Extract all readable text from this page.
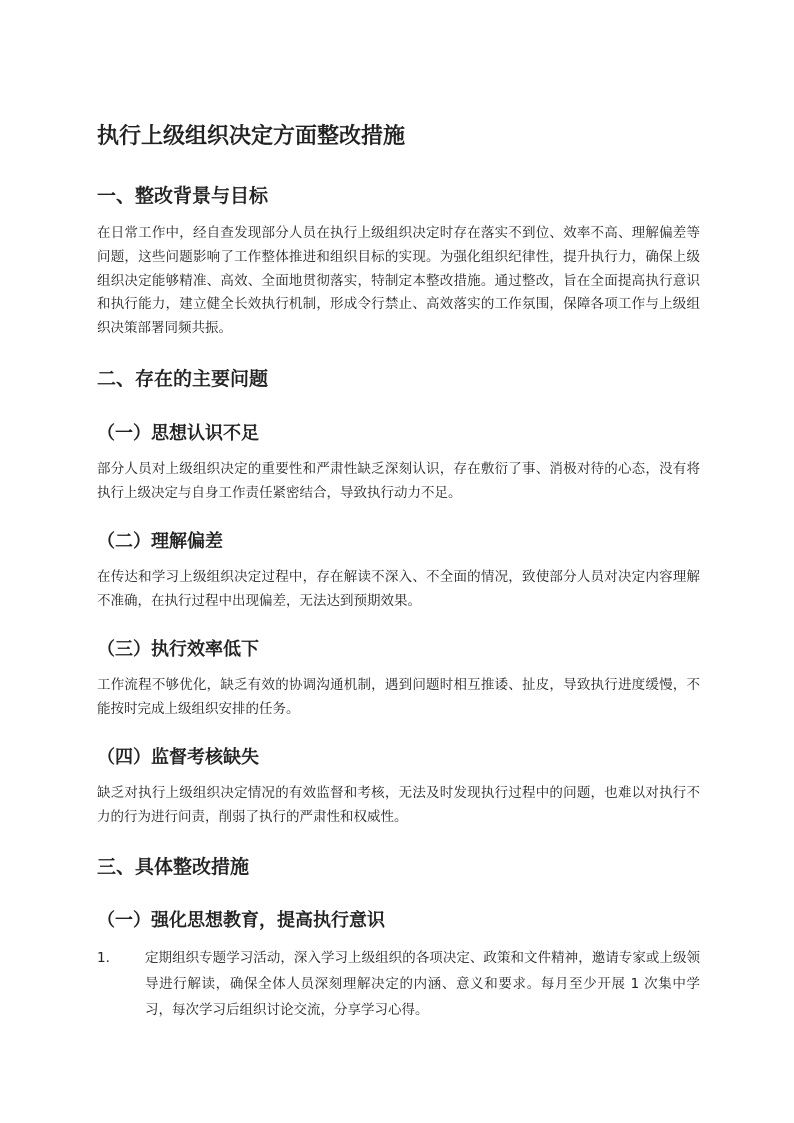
执行上级组织决定方面整改措施
一、整改背景与目标

在日常工作中，经自查发现部分人员在执行上级组织决定时存在落实不到位、效率不高、理解偏差等问题，这些问题影响了工作整体推进和组织目标的实现。为强化组织纪律性，提升执行力，确保上级组织决定能够精准、高效、全面地贯彻落实，特制定本整改措施。通过整改，旨在全面提高执行意识和执行能力，建立健全长效执行机制，形成令行禁止、高效落实的工作氛围，保障各项工作与上级组织决策部署同频共振。

二、存在的主要问题
（一）思想认识不足

部分人员对上级组织决定的重要性和严肃性缺乏深刻认识，存在敷衍了事、消极对待的心态，没有将执行上级决定与自身工作责任紧密结合，导致执行动力不足。

（二）理解偏差

在传达和学习上级组织决定过程中，存在解读不深入、不全面的情况，致使部分人员对决定内容理解不准确，在执行过程中出现偏差，无法达到预期效果。

（三）执行效率低下

工作流程不够优化，缺乏有效的协调沟通机制，遇到问题时相互推诿、扯皮，导致执行进度缓慢，不能按时完成上级组织安排的任务。

（四）监督考核缺失

缺乏对执行上级组织决定情况的有效监督和考核，无法及时发现执行过程中的问题，也难以对执行不力的行为进行问责，削弱了执行的严肃性和权威性。

三、具体整改措施
（一）强化思想教育，提高执行意识
1.	定期组织专题学习活动，深入学习上级组织的各项决定、政策和文件精神，邀请专家或上级领导进行解读，确保全体人员深刻理解决定的内涵、意义和要求。每月至少开展 1 次集中学习，每次学习后组织讨论交流，分享学习心得。
